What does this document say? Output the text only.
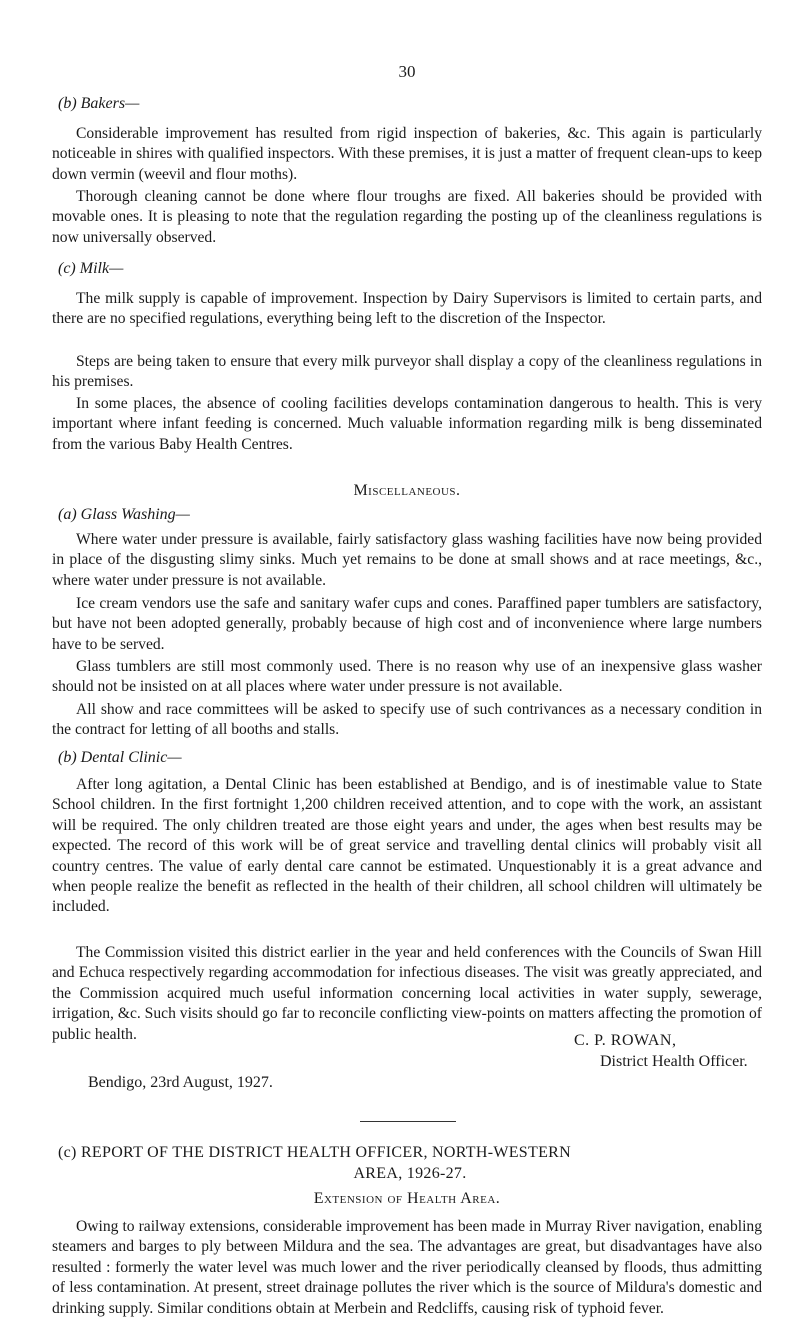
30
(b) Bakers—

Considerable improvement has resulted from rigid inspection of bakeries, &c. This again is particularly noticeable in shires with qualified inspectors. With these premises, it is just a matter of frequent clean-ups to keep down vermin (weevil and flour moths).

Thorough cleaning cannot be done where flour troughs are fixed. All bakeries should be provided with movable ones. It is pleasing to note that the regulation regarding the posting up of the cleanliness regulations is now universally observed.

(c) Milk—

The milk supply is capable of improvement. Inspection by Dairy Supervisors is limited to certain parts, and there are no specified regulations, everything being left to the discretion of the Inspector.

Steps are being taken to ensure that every milk purveyor shall display a copy of the cleanliness regulations in his premises.

In some places, the absence of cooling facilities develops contamination dangerous to health. This is very important where infant feeding is concerned. Much valuable information regarding milk is beng disseminated from the various Baby Health Centres.

Miscellaneous.
(a) Glass Washing—

Where water under pressure is available, fairly satisfactory glass washing facilities have now being provided in place of the disgusting slimy sinks. Much yet remains to be done at small shows and at race meetings, &c., where water under pressure is not available.

Ice cream vendors use the safe and sanitary wafer cups and cones. Paraffined paper tumblers are satisfactory, but have not been adopted generally, probably because of high cost and of inconvenience where large numbers have to be served.

Glass tumblers are still most commonly used. There is no reason why use of an inexpensive glass washer should not be insisted on at all places where water under pressure is not available.

All show and race committees will be asked to specify use of such contrivances as a necessary condition in the contract for letting of all booths and stalls.

(b) Dental Clinic—

After long agitation, a Dental Clinic has been established at Bendigo, and is of inestimable value to State School children. In the first fortnight 1,200 children received attention, and to cope with the work, an assistant will be required. The only children treated are those eight years and under, the ages when best results may be expected. The record of this work will be of great service and travelling dental clinics will probably visit all country centres. The value of early dental care cannot be estimated. Unquestionably it is a great advance and when people realize the benefit as reflected in the health of their children, all school children will ultimately be included.

The Commission visited this district earlier in the year and held conferences with the Councils of Swan Hill and Echuca respectively regarding accommodation for infectious diseases. The visit was greatly appreciated, and the Commission acquired much useful information concerning local activities in water supply, sewerage, irrigation, &c. Such visits should go far to reconcile conflicting view-points on matters affecting the promotion of public health.	C. P. ROWAN,
District Health Officer.
Bendigo, 23rd August, 1927.
(c) REPORT OF THE DISTRICT HEALTH OFFICER, NORTH-WESTERN
AREA, 1926-27.
Extension of Health Area.

Owing to railway extensions, considerable improvement has been made in Murray River navigation, enabling steamers and barges to ply between Mildura and the sea. The advantages are great, but disadvantages have also resulted : formerly the water level was much lower and the river periodically cleansed by floods, thus admitting of less contamination. At present, street drainage pollutes the river which is the source of Mildura's domestic and drinking supply. Similar conditions obtain at Merbein and Redcliffs, causing risk of typhoid fever.
